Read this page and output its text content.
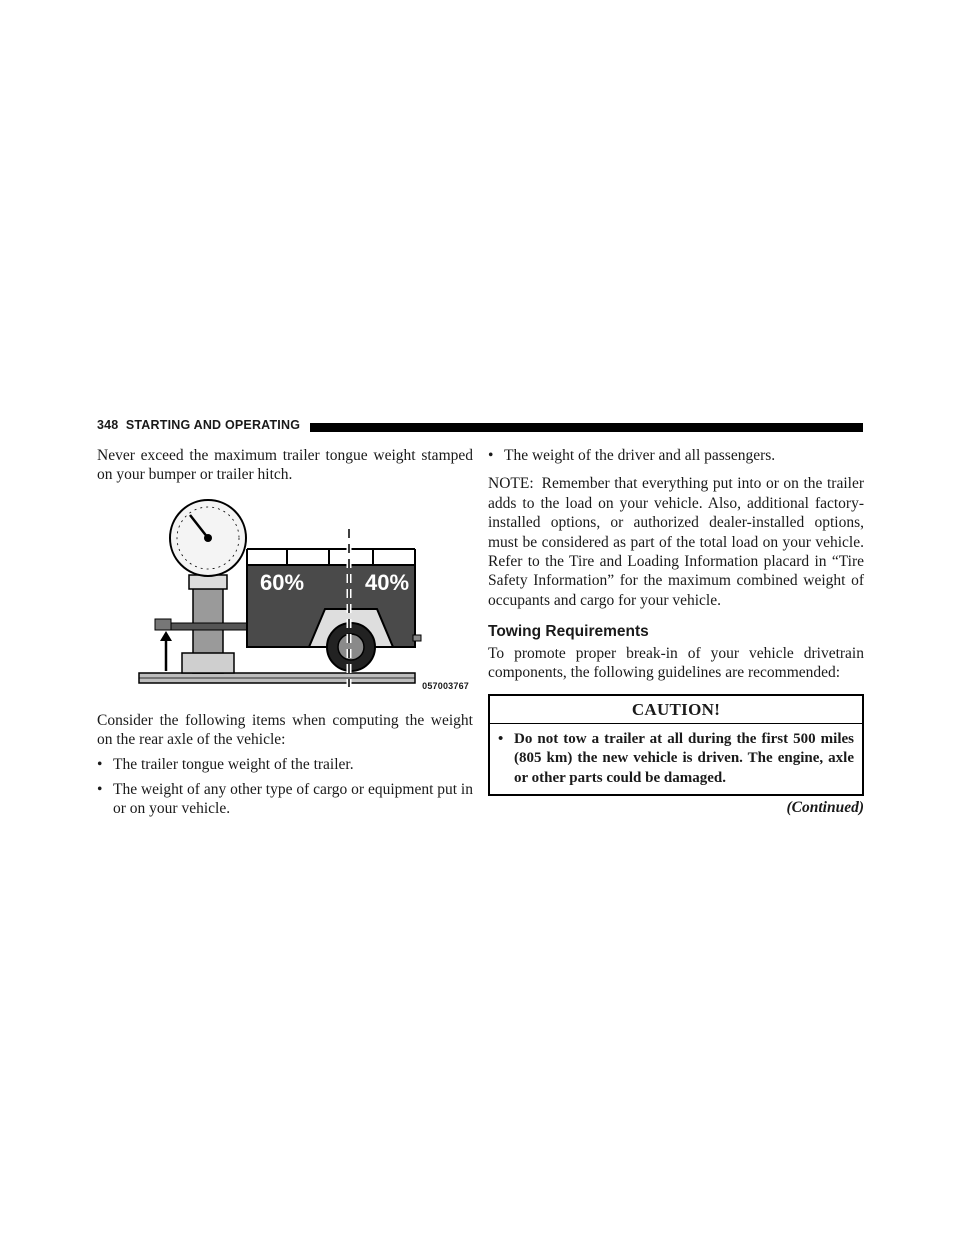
348 STARTING AND OPERATING

Never exceed the maximum trailer tongue weight stamped on your bumper or trailer hitch.

60%	40%
057003767

Consider the following items when computing the weight on the rear axle of the vehicle:

• The trailer tongue weight of the trailer.
• The weight of any other type of cargo or equipment put in or on your vehicle.
• The weight of the driver and all passengers.

NOTE: Remember that everything put into or on the trailer adds to the load on your vehicle. Also, additional factory-installed options, or authorized dealer-installed options, must be considered as part of the total load on your vehicle. Refer to the Tire and Loading Information placard in “Tire Safety Information” for the maximum combined weight of occupants and cargo for your vehicle.

Towing Requirements

To promote proper break-in of your vehicle drivetrain components, the following guidelines are recommended:

CAUTION!
• Do not tow a trailer at all during the first 500 miles (805 km) the new vehicle is driven. The engine, axle or other parts could be damaged.
(Continued)
